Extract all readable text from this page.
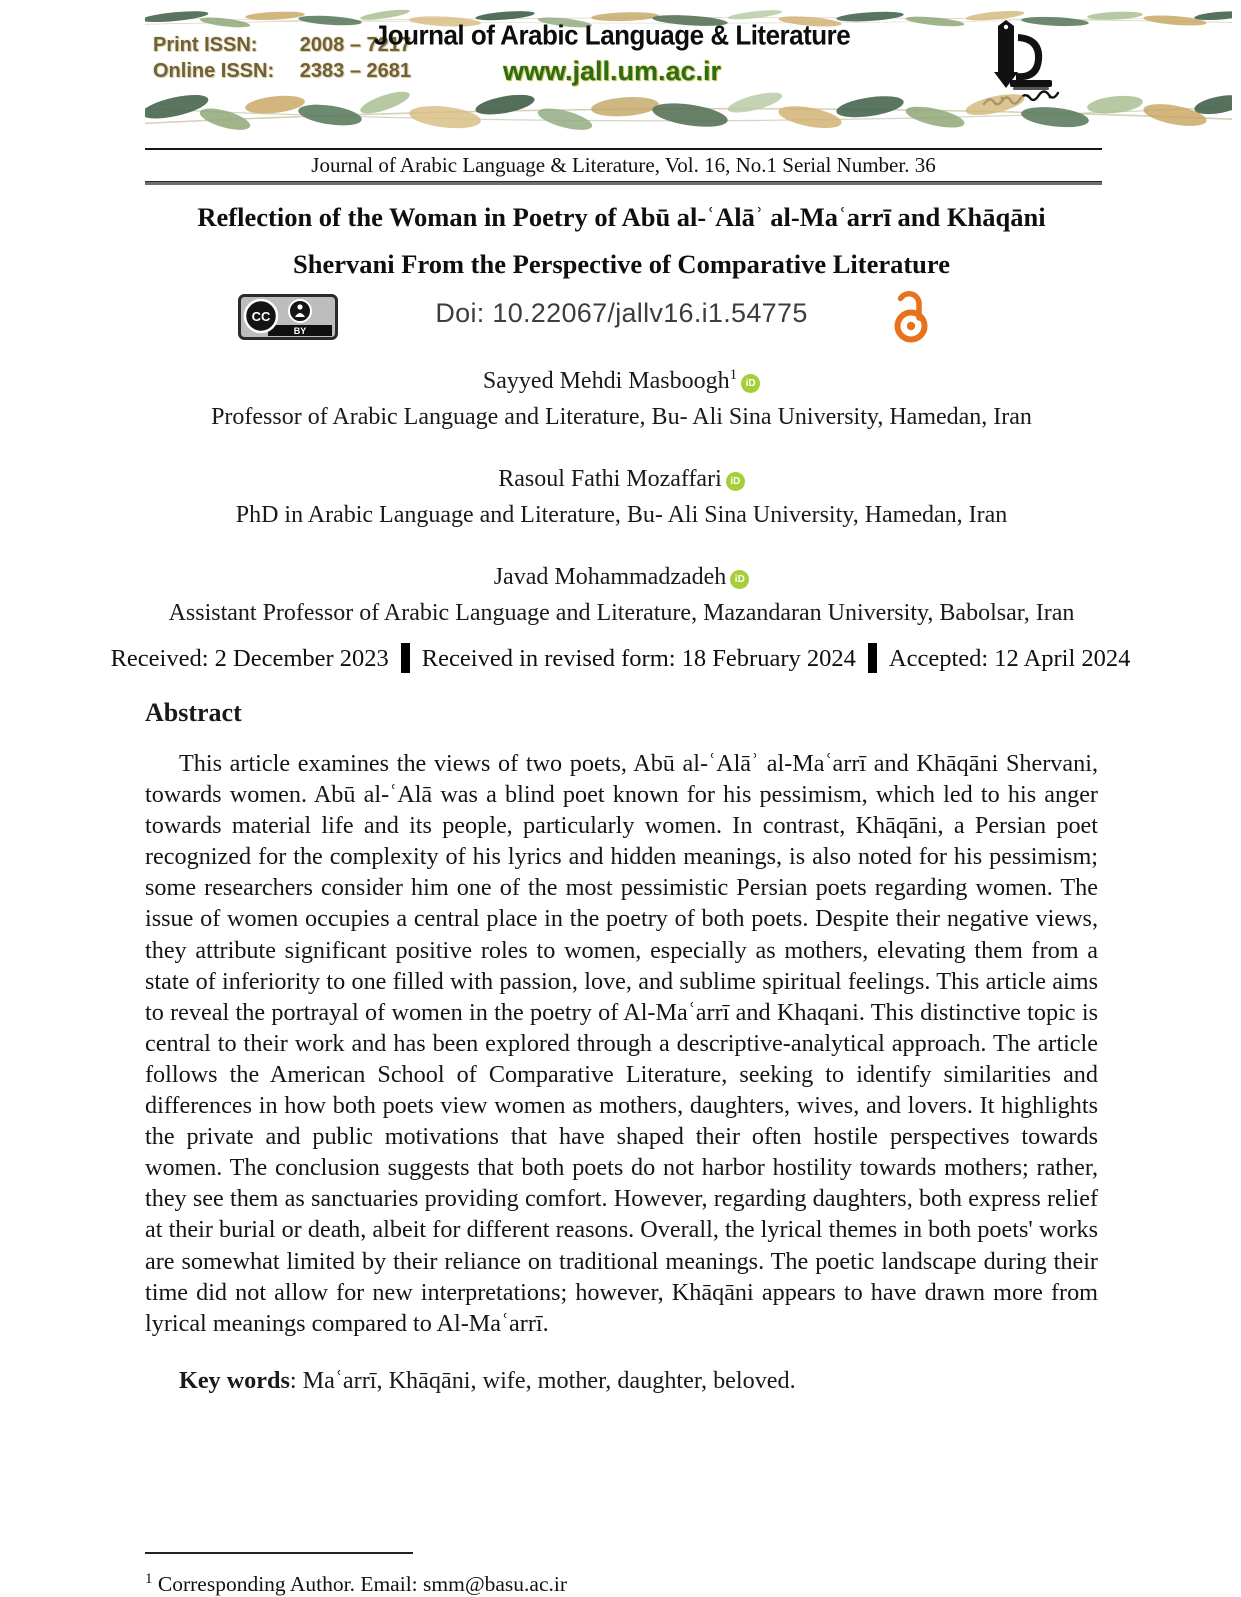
Print ISSN: 2008 – 7217
Online ISSN: 2383 – 2681
Journal of Arabic Language & Literature
www.jall.um.ac.ir
Journal of Arabic Language & Literature, Vol. 16, No.1 Serial Number. 36
Reflection of the Woman in Poetry of Abū al-ʿAlāʾ al-Maʿarrī and Khāqāni
Shervani From the Perspective of Comparative Literature
BY
CC	Doi: 10.22067/jallv16.i1.54775
Sayyed Mehdi Masboogh$^1$iD
Professor of Arabic Language and Literature, Bu- Ali Sina University, Hamedan, Iran
Rasoul Fathi Mozaffari iD
PhD in Arabic Language and Literature, Bu- Ali Sina University, Hamedan, Iran
Javad Mohammadzadeh iD
Assistant Professor of Arabic Language and Literature, Mazandaran University, Babolsar, Iran
Received: 2 December 2023 Received in revised form: 18 February 2024 Accepted: 12 April 2024
Abstract
This article examines the views of two poets, Abū al-ʿAlāʾ al-Maʿarrī and Khāqāni Shervani, towards women. Abū al-ʿAlā was a blind poet known for his pessimism, which led to his anger towards material life and its people, particularly women. In contrast, Khāqāni, a Persian poet recognized for the complexity of his lyrics and hidden meanings, is also noted for his pessimism; some researchers consider him one of the most pessimistic Persian poets regarding women. The issue of women occupies a central place in the poetry of both poets. Despite their negative views, they attribute significant positive roles to women, especially as mothers, elevating them from a state of inferiority to one filled with passion, love, and sublime spiritual feelings. This article aims to reveal the portrayal of women in the poetry of Al-Maʿarrī and Khaqani. This distinctive topic is central to their work and has been explored through a descriptive-analytical approach. The article follows the American School of Comparative Literature, seeking to identify similarities and differences in how both poets view women as mothers, daughters, wives, and lovers. It highlights the private and public motivations that have shaped their often hostile perspectives towards women. The conclusion suggests that both poets do not harbor hostility towards mothers; rather, they see them as sanctuaries providing comfort. However, regarding daughters, both express relief at their burial or death, albeit for different reasons. Overall, the lyrical themes in both poets' works are somewhat limited by their reliance on traditional meanings. The poetic landscape during their time did not allow for new interpretations; however, Khāqāni appears to have drawn more from lyrical meanings compared to Al-Maʿarrī.
Key words: Maʿarrī, Khāqāni, wife, mother, daughter, beloved.
$^1$ Corresponding Author. Email: smm@basu.ac.ir
